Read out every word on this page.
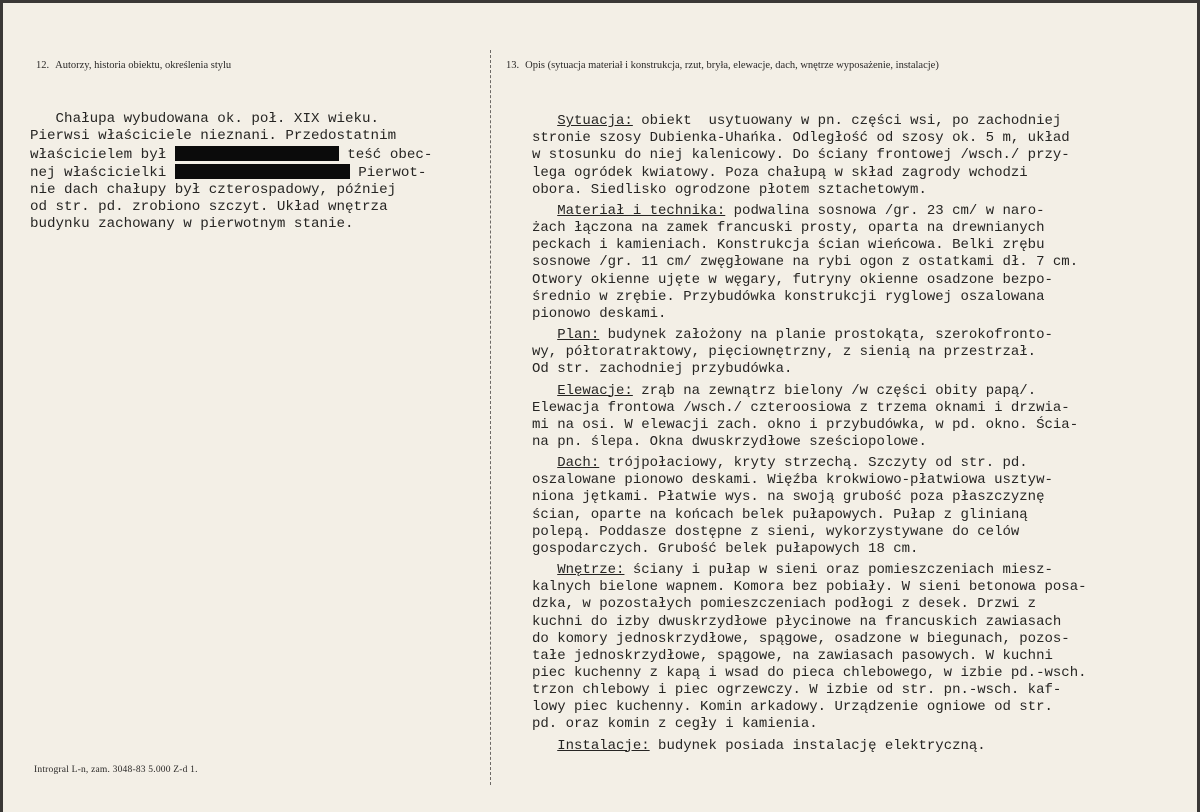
12. Autorzy, historia obiektu, określenia stylu	13. Opis (sytuacja materiał i konstrukcja, rzut, bryła, elewacje, dach, wnętrze wyposażenie, instalacje)

Chałupa wybudowana ok. poł. XIX wieku.
Pierwsi właściciele nieznani. Przedostatnim
właścicielem był	teść obec-
nej właścicielki	Pierwot-
nie dach chałupy był czterospadowy, później
od str. pd. zrobiono szczyt. Układ wnętrza
budynku zachowany w pierwotnym stanie.

Sytuacja: obiekt  usytuowany w pn. części wsi, po zachodniej
stronie szosy Dubienka-Uhańka. Odległość od szosy ok. 5 m, układ
w stosunku do niej kalenicowy. Do ściany frontowej /wsch./ przy-
lega ogródek kwiatowy. Poza chałupą w skład zagrody wchodzi
obora. Siedlisko ogrodzone płotem sztachetowym.
Materiał i technika: podwalina sosnowa /gr. 23 cm/ w naro-
żach łączona na zamek francuski prosty, oparta na drewnianych
peckach i kamieniach. Konstrukcja ścian wieńcowa. Belki zrębu
sosnowe /gr. 11 cm/ zwęgłowane na rybi ogon z ostatkami dł. 7 cm.
Otwory okienne ujęte w węgary, futryny okienne osadzone bezpo-
średnio w zrębie. Przybudówka konstrukcji ryglowej oszalowana
pionowo deskami.
Plan: budynek założony na planie prostokąta, szerokofronto-
wy, półtoratraktowy, pięciownętrzny, z sienią na przestrzał.
Od str. zachodniej przybudówka.
Elewacje: zrąb na zewnątrz bielony /w części obity papą/.
Elewacja frontowa /wsch./ czteroosiowa z trzema oknami i drzwia-
mi na osi. W elewacji zach. okno i przybudówka, w pd. okno. Ścia-
na pn. ślepa. Okna dwuskrzydłowe sześciopolowe.
Dach: trójpołaciowy, kryty strzechą. Szczyty od str. pd.
oszalowane pionowo deskami. Więźba krokwiowo-płatwiowa usztyw-
niona jętkami. Płatwie wys. na swoją grubość poza płaszczyznę
ścian, oparte na końcach belek pułapowych. Pułap z glinianą
polepą. Poddasze dostępne z sieni, wykorzystywane do celów
gospodarczych. Grubość belek pułapowych 18 cm.
Wnętrze: ściany i pułap w sieni oraz pomieszczeniach miesz-
kalnych bielone wapnem. Komora bez pobiały. W sieni betonowa posa-
dzka, w pozostałych pomieszczeniach podłogi z desek. Drzwi z
kuchni do izby dwuskrzydłowe płycinowe na francuskich zawiasach
do komory jednoskrzydłowe, spągowe, osadzone w biegunach, pozos-
tałe jednoskrzydłowe, spągowe, na zawiasach pasowych. W kuchni
piec kuchenny z kapą i wsad do pieca chlebowego, w izbie pd.-wsch.
trzon chlebowy i piec ogrzewczy. W izbie od str. pn.-wsch. kaf-
lowy piec kuchenny. Komin arkadowy. Urządzenie ogniowe od str.
pd. oraz komin z cegły i kamienia.
Instalacje: budynek posiada instalację elektryczną.

Introgral L-n, zam. 3048-83 5.000 Z-d 1.
